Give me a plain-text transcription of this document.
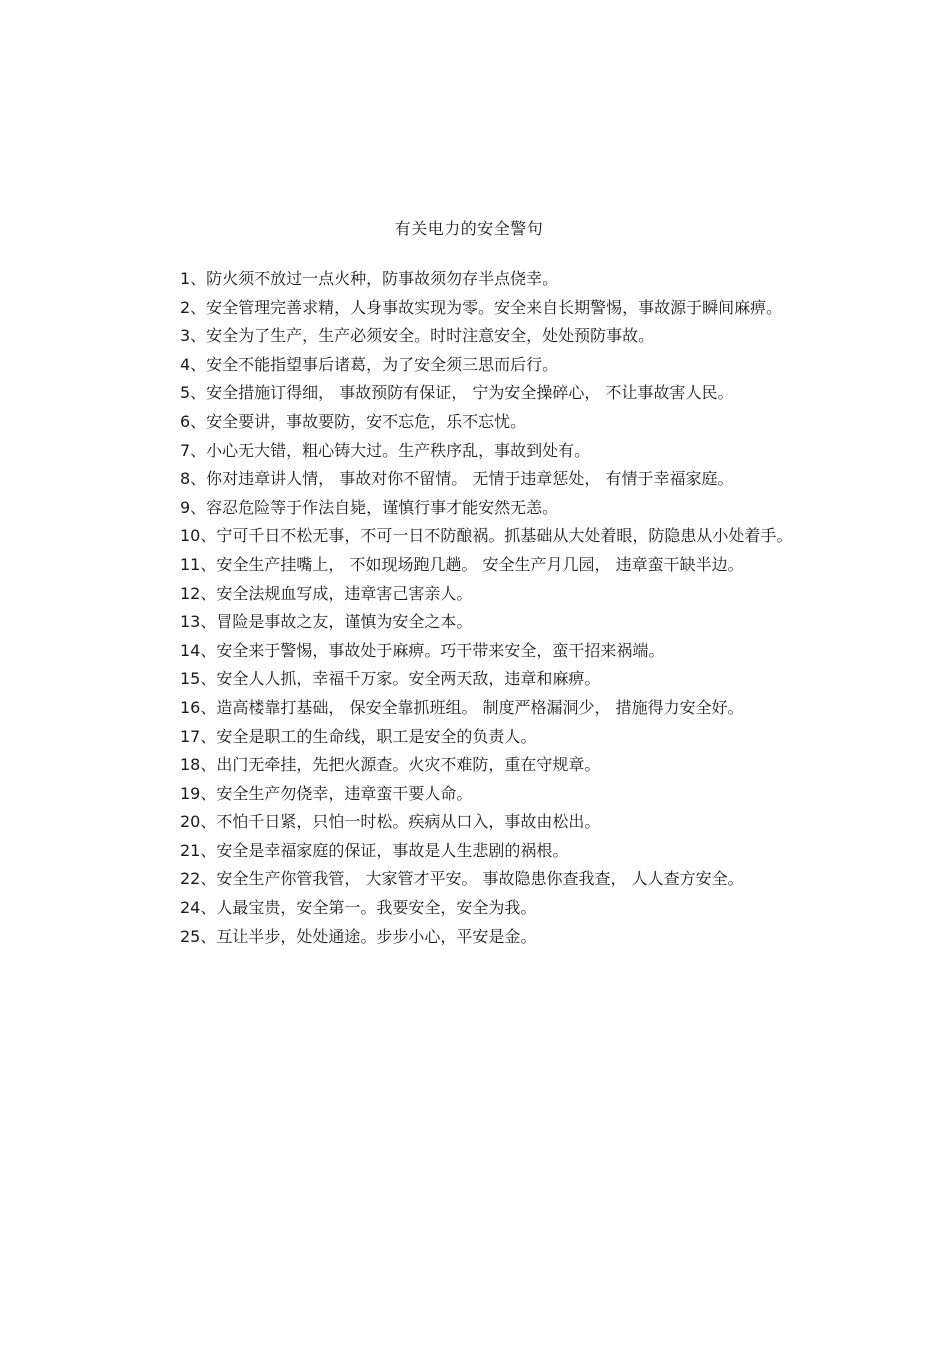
有关电力的安全警句

1、防火须不放过一点火种，防事故须勿存半点侥幸。

2、安全管理完善求精，人身事故实现为零。安全来自长期警惕，事故源于瞬间麻痹。

3、安全为了生产，生产必须安全。时时注意安全，处处预防事故。

4、安全不能指望事后诸葛，为了安全须三思而后行。

5、安全措施订得细， 事故预防有保证， 宁为安全操碎心， 不让事故害人民。

6、安全要讲，事故要防，安不忘危，乐不忘忧。

7、小心无大错，粗心铸大过。生产秩序乱，事故到处有。

8、你对违章讲人情， 事故对你不留情。 无情于违章惩处， 有情于幸福家庭。

9、容忍危险等于作法自毙，谨慎行事才能安然无恙。

10、宁可千日不松无事，不可一日不防酿祸。抓基础从大处着眼，防隐患从小处着手。

11、安全生产挂嘴上， 不如现场跑几趟。 安全生产月几园， 违章蛮干缺半边。

12、安全法规血写成，违章害己害亲人。

13、冒险是事故之友，谨慎为安全之本。

14、安全来于警惕，事故处于麻痹。巧干带来安全，蛮干招来祸端。

15、安全人人抓，幸福千万家。安全两天敌，违章和麻痹。

16、造高楼靠打基础， 保安全靠抓班组。 制度严格漏洞少， 措施得力安全好。

17、安全是职工的生命线，职工是安全的负责人。

18、出门无牵挂，先把火源查。火灾不难防，重在守规章。

19、安全生产勿侥幸，违章蛮干要人命。

20、不怕千日紧，只怕一时松。疾病从口入，事故由松出。

21、安全是幸福家庭的保证，事故是人生悲剧的祸根。

22、安全生产你管我管， 大家管才平安。 事故隐患你查我查， 人人查方安全。

24、人最宝贵，安全第一。我要安全，安全为我。

25、互让半步，处处通途。步步小心，平安是金。
